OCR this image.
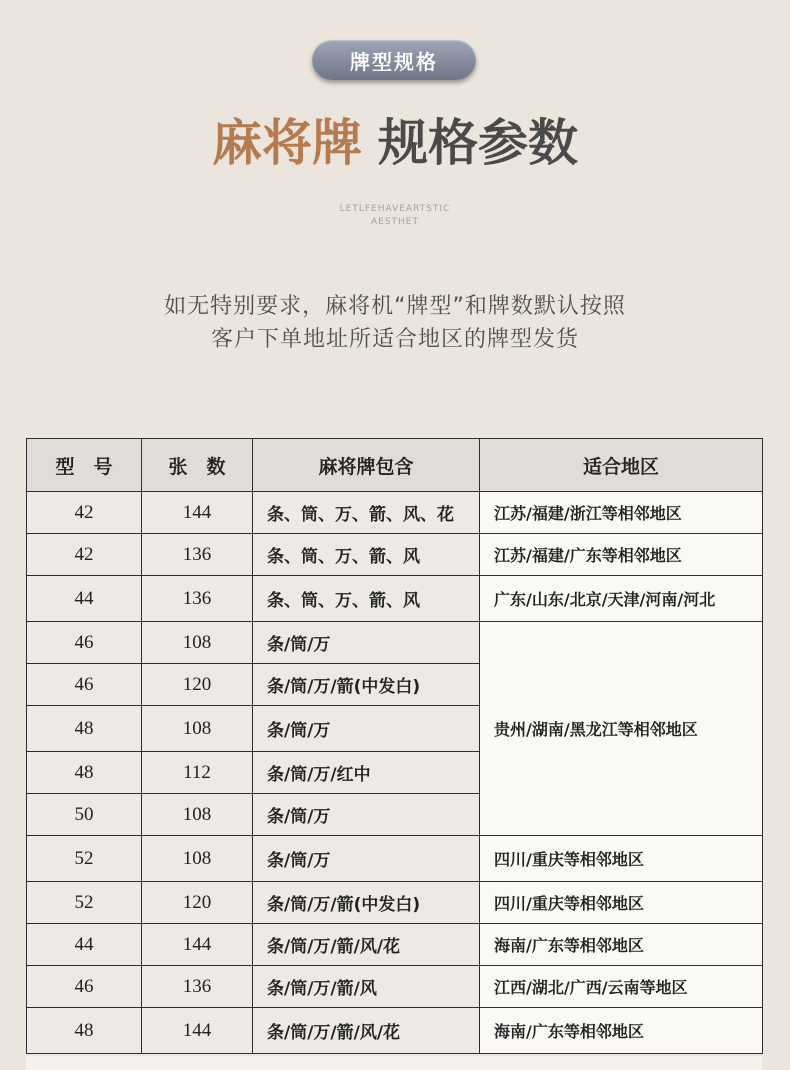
牌型规格
麻将牌 规格参数
LETLFEHAVEARTSTIC
AESTHET
如无特别要求，麻将机“牌型”和牌数默认按照
客户下单地址所适合地区的牌型发货
型　号	张　数	麻将牌包含	适合地区
42	144	条、筒、万、箭、风、花	江苏/福建/浙江等相邻地区
42	136	条、筒、万、箭、风	江苏/福建/广东等相邻地区
44	136	条、筒、万、箭、风	广东/山东/北京/天津/河南/河北
46	108	条/筒/万	贵州/湖南/黑龙江等相邻地区
46	120	条/筒/万/箭(中发白)	
48	108	条/筒/万	
48	112	条/筒/万/红中	
50	108	条/筒/万	
52	108	条/筒/万	四川/重庆等相邻地区
52	120	条/筒/万/箭(中发白)	四川/重庆等相邻地区
44	144	条/筒/万/箭/风/花	海南/广东等相邻地区
46	136	条/筒/万/箭/风	江西/湖北/广西/云南等地区
48	144	条/筒/万/箭/风/花	海南/广东等相邻地区
